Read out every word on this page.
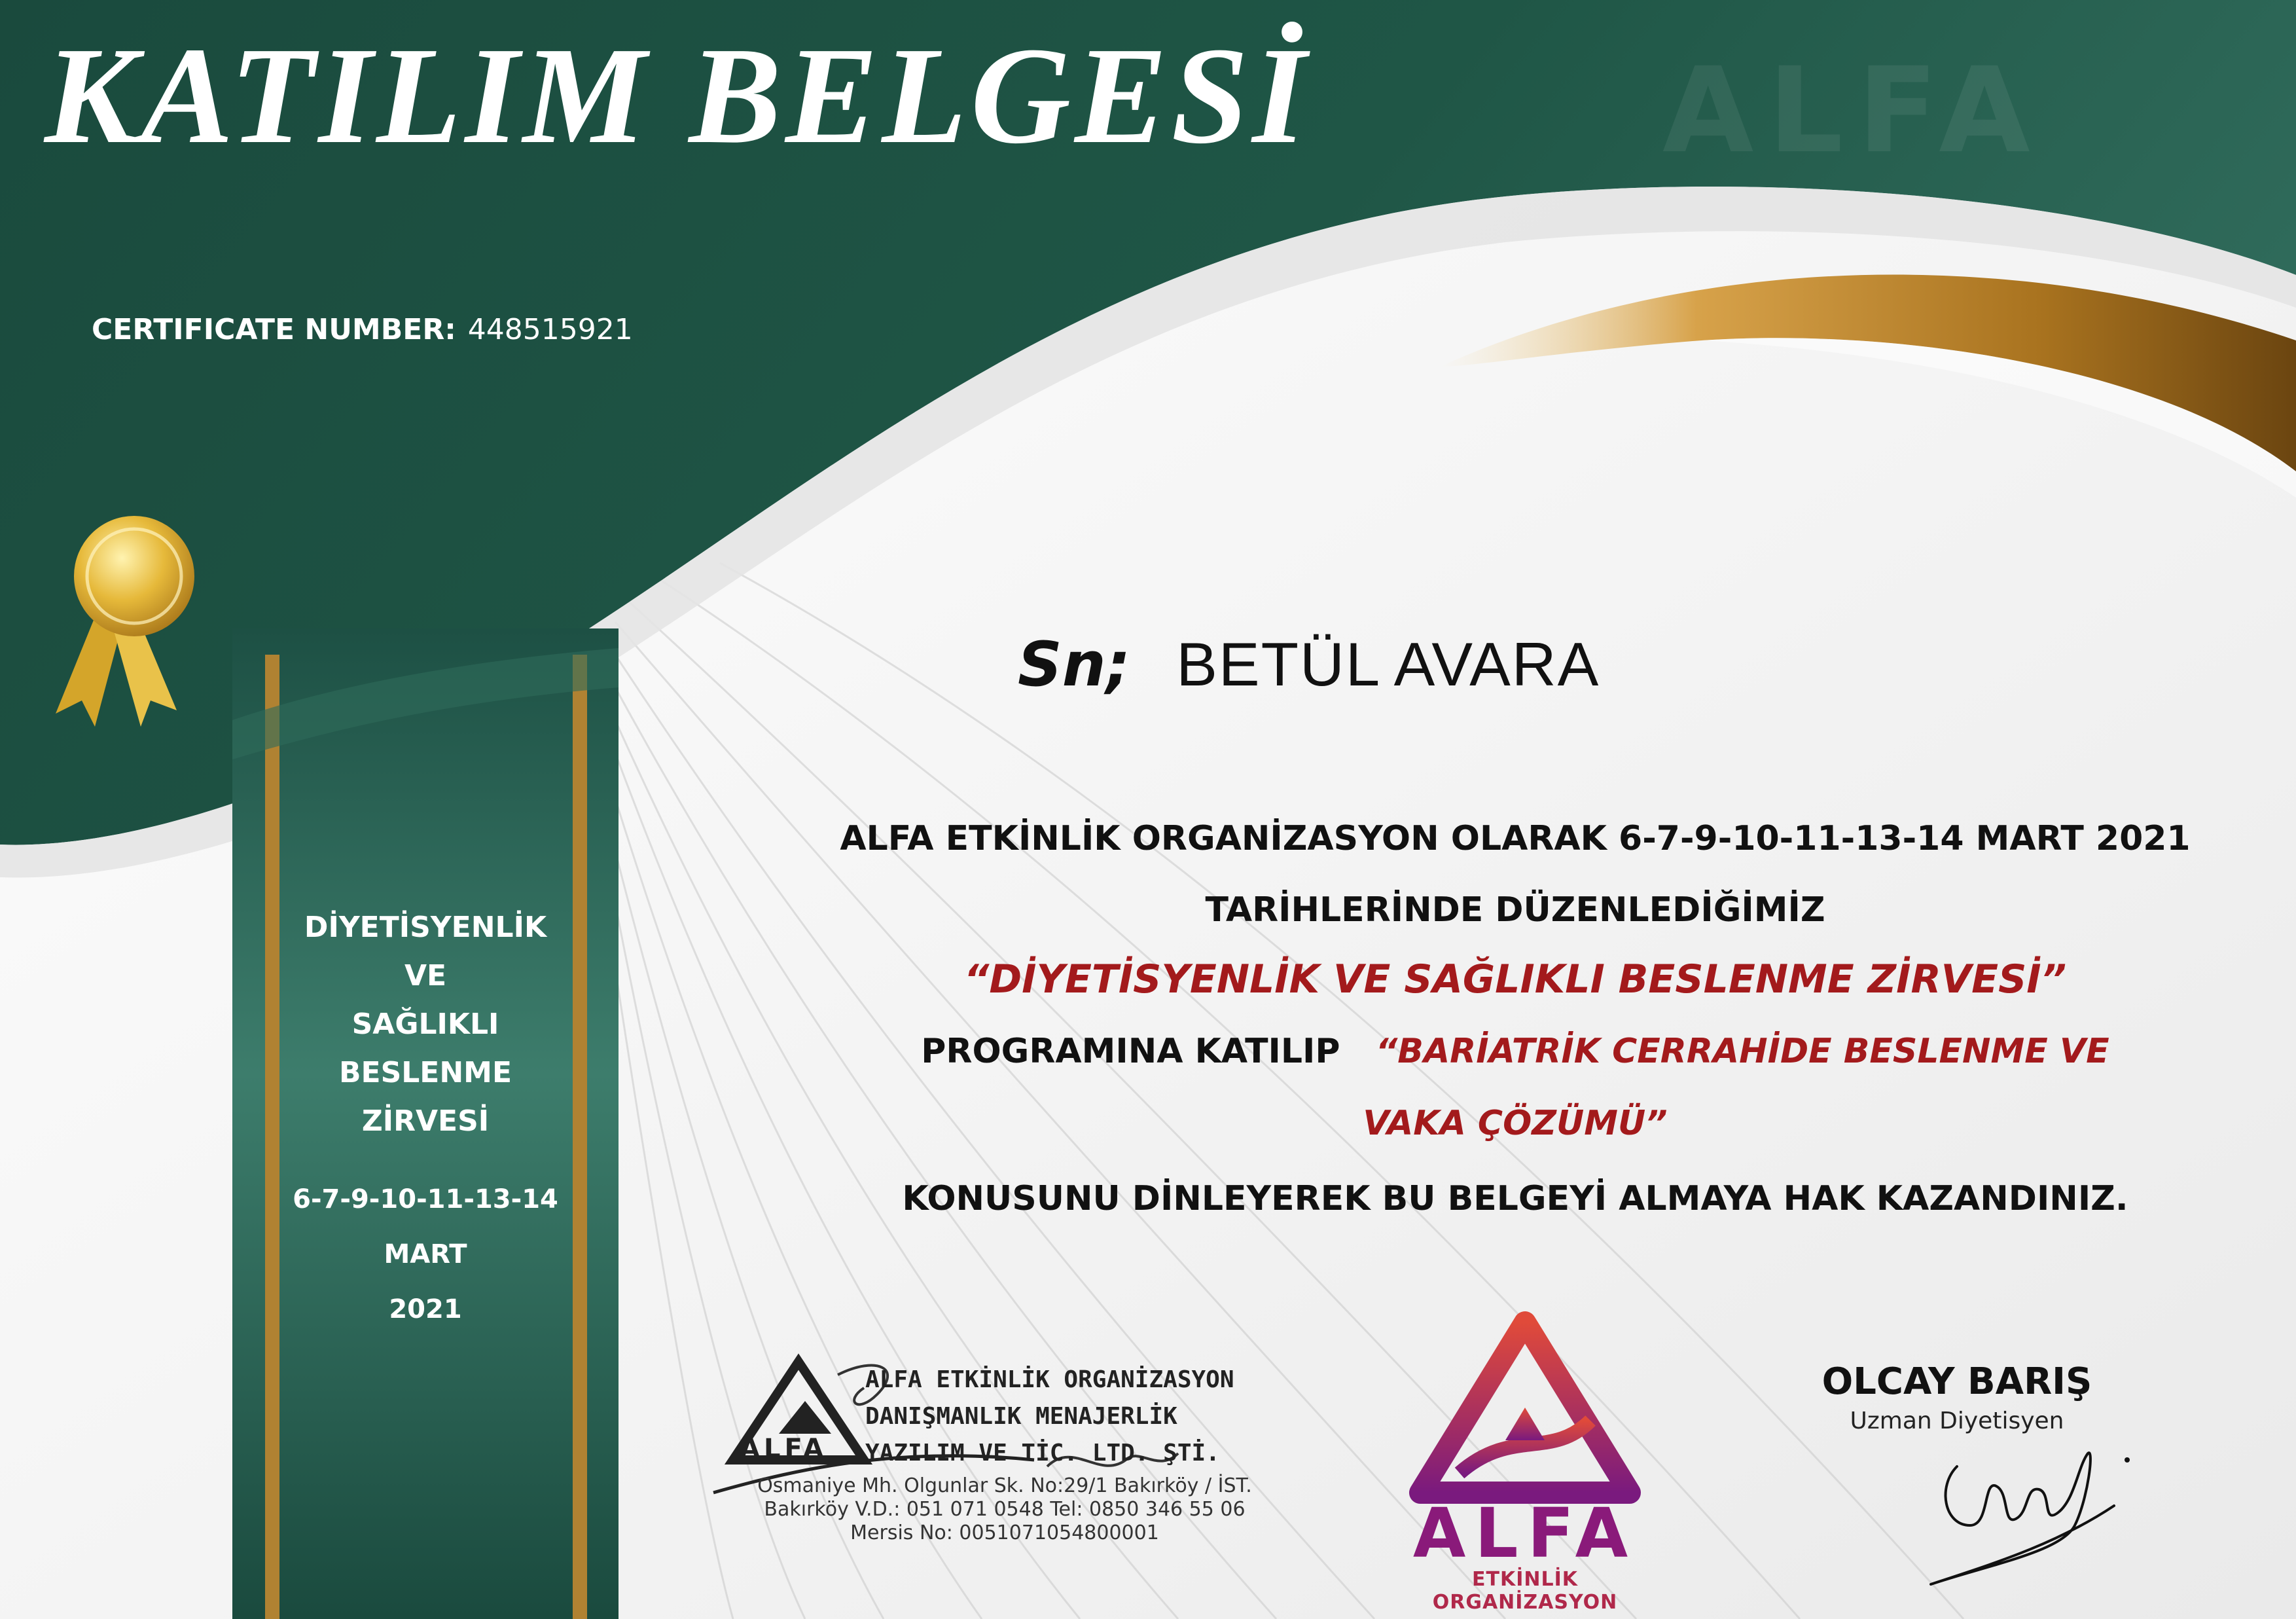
ALFA
KATILIM BELGESİ
CERTIFICATE NUMBER: 448515921
DİYETİSYENLİK
VE
SAĞLIKLI
BESLENME
ZİRVESİ
6-7-9-10-11-13-14
MART
2021
Sn; BETÜL AVARA
ALFA ETKİNLİK ORGANİZASYON OLARAK 6-7-9-10-11-13-14 MART 2021
TARİHLERİNDE DÜZENLEDİĞİMİZ
“DİYETİSYENLİK VE SAĞLIKLI BESLENME ZİRVESİ”
PROGRAMINA KATILIP “BARİATRİK CERRAHİDE BESLENME VE
VAKA ÇÖZÜMÜ”
KONUSUNU DİNLEYEREK BU BELGEYİ ALMAYA HAK KAZANDINIZ.
ALFA
ALFA ETKİNLİK ORGANİZASYON
DANIŞMANLIK MENAJERLİK
YAZILIM VE TİC. LTD. ŞTİ.
Osmaniye Mh. Olgunlar Sk. No:29/1 Bakırköy / İST.
Bakırköy V.D.: 051 071 0548 Tel: 0850 346 55 06
Mersis No: 0051071054800001	ALFA
ETKİNLİK ORGANİZASYON
OLCAY BARIŞ
Uzman Diyetisyen
